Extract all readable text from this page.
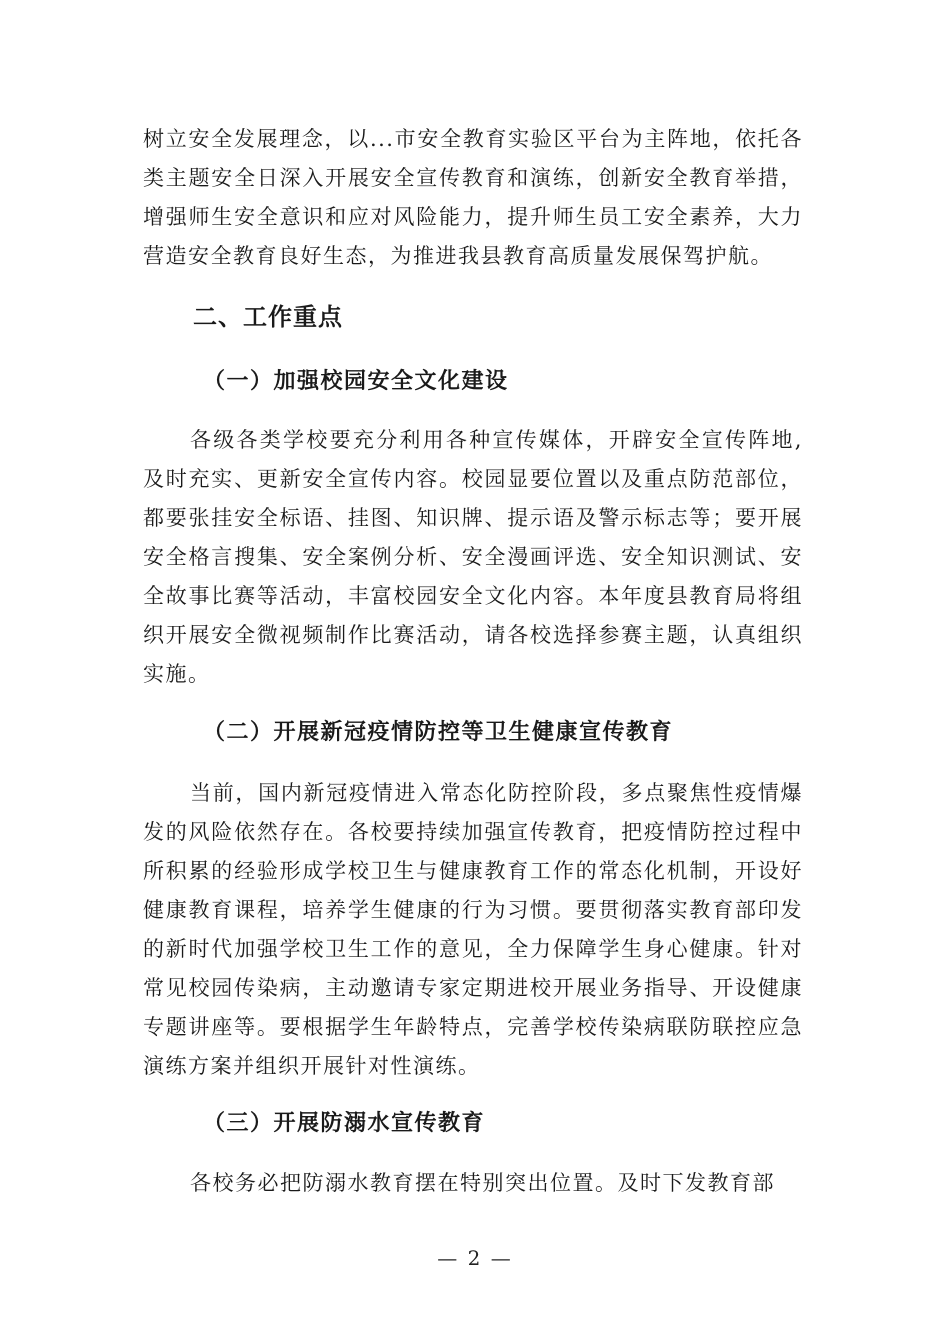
树立安全发展理念，以...市安全教育实验区平台为主阵地，依托各类主题安全日深入开展安全宣传教育和演练，创新安全教育举措，增强师生安全意识和应对风险能力，提升师生员工安全素养，大力营造安全教育良好生态，为推进我县教育高质量发展保驾护航。

二、工作重点
（一）加强校园安全文化建设

各级各类学校要充分利用各种宣传媒体，开辟安全宣传阵地,及时充实、更新安全宣传内容。校园显要位置以及重点防范部位，都要张挂安全标语、挂图、知识牌、提示语及警示标志等；要开展安全格言搜集、安全案例分析、安全漫画评选、安全知识测试、安全故事比赛等活动，丰富校园安全文化内容。本年度县教育局将组织开展安全微视频制作比赛活动，请各校选择参赛主题，认真组织实施。

（二）开展新冠疫情防控等卫生健康宣传教育

当前，国内新冠疫情进入常态化防控阶段，多点聚焦性疫情爆发的风险依然存在。各校要持续加强宣传教育，把疫情防控过程中所积累的经验形成学校卫生与健康教育工作的常态化机制，开设好健康教育课程，培养学生健康的行为习惯。要贯彻落实教育部印发的新时代加强学校卫生工作的意见，全力保障学生身心健康。针对常见校园传染病，主动邀请专家定期进校开展业务指导、开设健康专题讲座等。要根据学生年龄特点，完善学校传染病联防联控应急演练方案并组织开展针对性演练。

（三）开展防溺水宣传教育

各校务必把防溺水教育摆在特别突出位置。及时下发教育部

— 2 —
